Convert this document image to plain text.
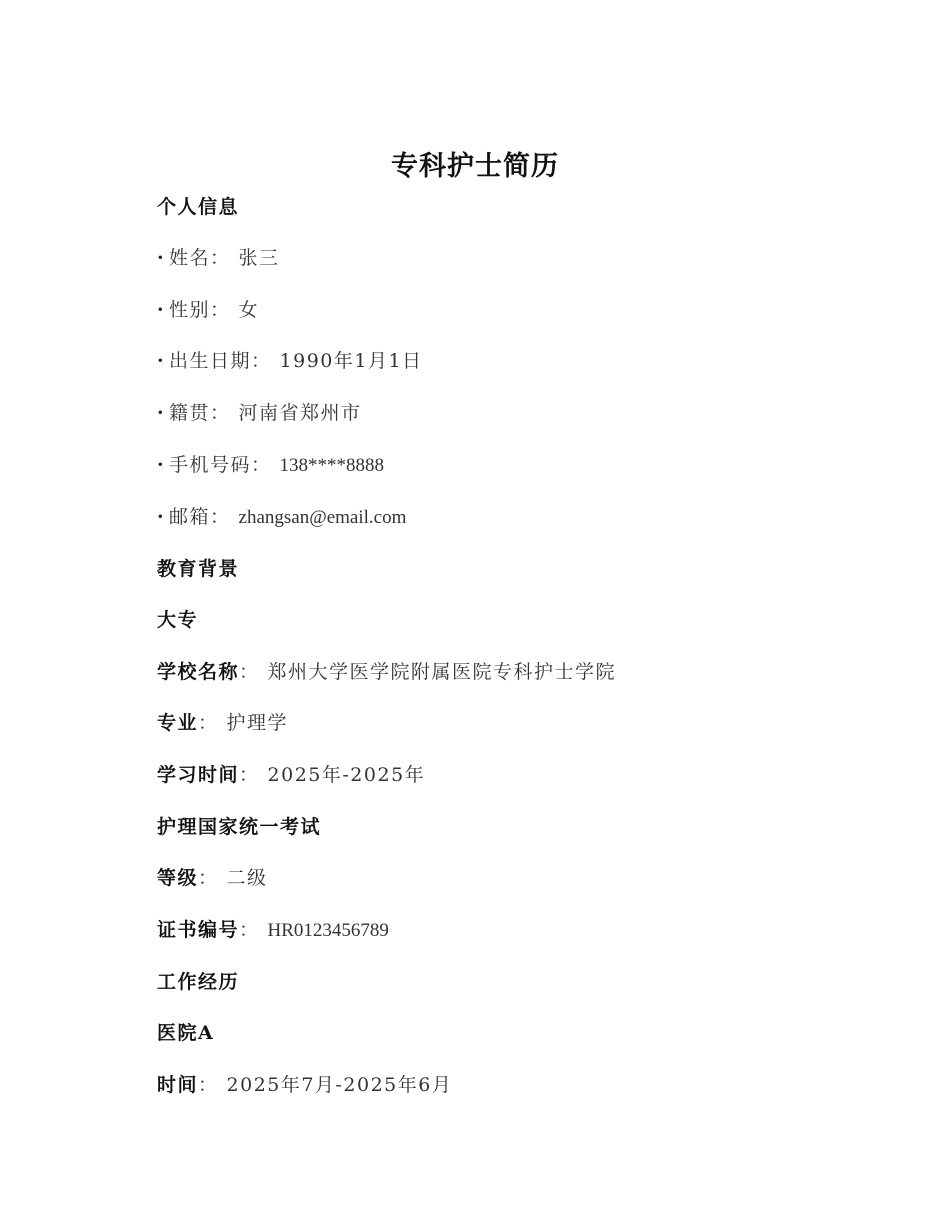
专科护士简历
个人信息
· 姓名： 张三
· 性别： 女
· 出生日期： 1990年1月1日
· 籍贯： 河南省郑州市
· 手机号码： 138****8888
· 邮箱： zhangsan@email.com
教育背景
大专
学校名称： 郑州大学医学院附属医院专科护士学院
专业： 护理学
学习时间： 2025年-2025年
护理国家统一考试
等级： 二级
证书编号： HR0123456789
工作经历
医院A
时间： 2025年7月-2025年6月
